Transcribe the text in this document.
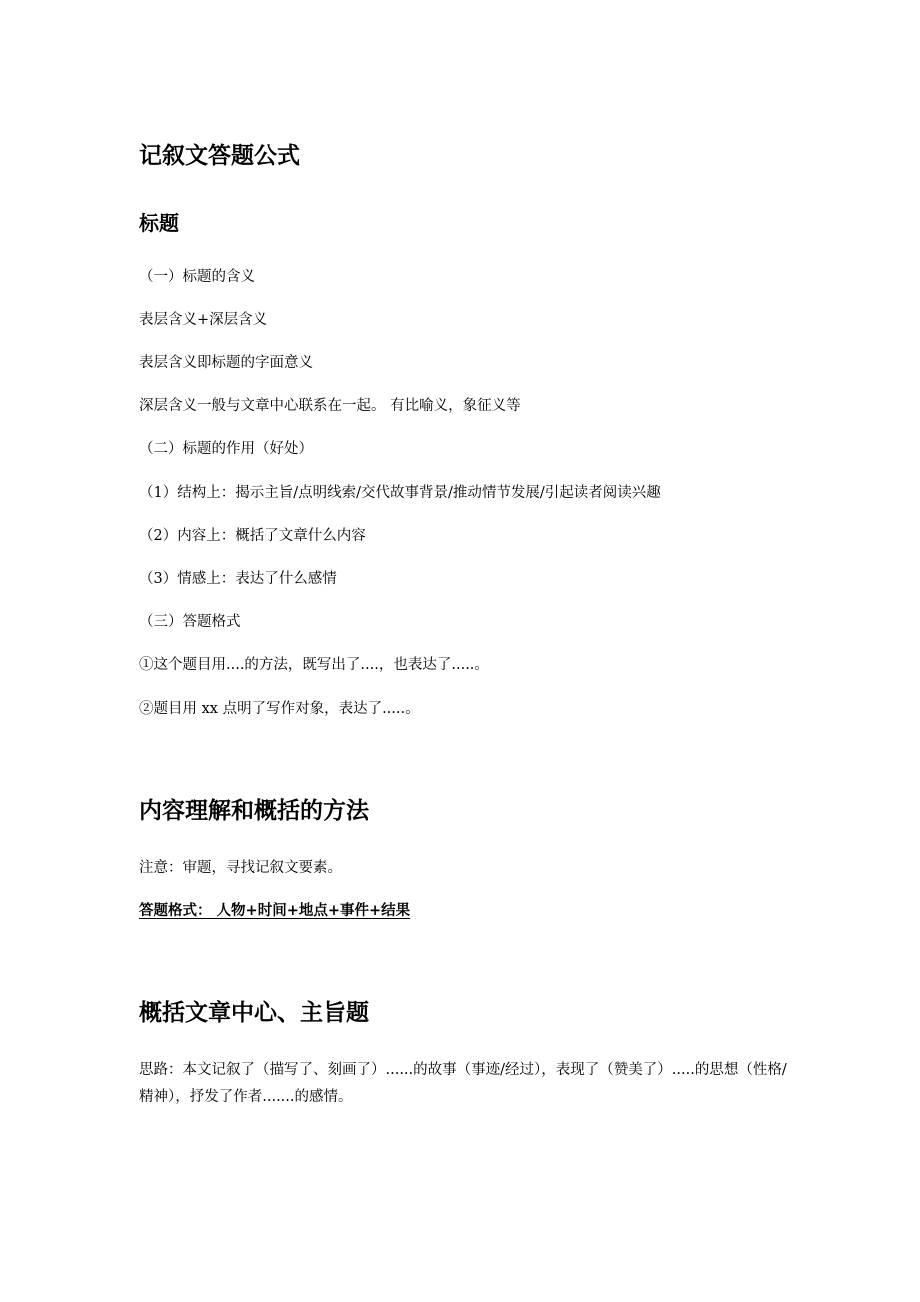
记叙文答题公式
标题
（一）标题的含义
表层含义+深层含义
表层含义即标题的字面意义
深层含义一般与文章中心联系在一起。 有比喻义，象征义等
（二）标题的作用（好处）
（1）结构上：揭示主旨/点明线索/交代故事背景/推动情节发展/引起读者阅读兴趣
（2）内容上：概括了文章什么内容
（3）情感上：表达了什么感情
（三）答题格式
①这个题目用....的方法，既写出了....，也表达了.....。
②题目用 xx 点明了写作对象，表达了.....。
内容理解和概括的方法
注意：审题，寻找记叙文要素。
答题格式： 人物+时间+地点+事件+结果
概括文章中心、主旨题
思路：本文记叙了（描写了、刻画了）......的故事（事迹/经过），表现了（赞美了）.....的思想（性格/精神），抒发了作者.......的感情。
